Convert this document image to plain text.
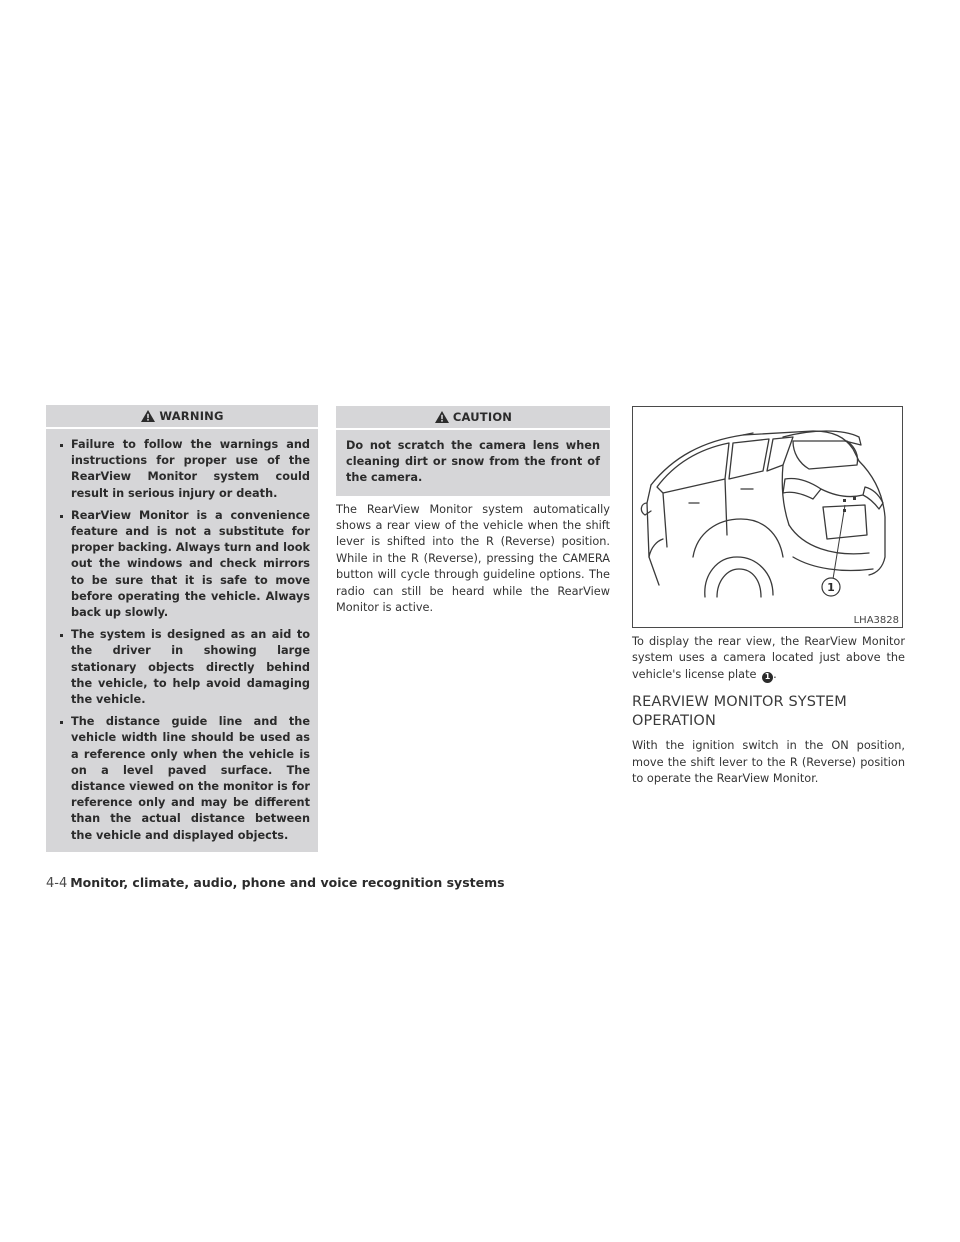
WARNING
Failure to follow the warnings and instructions for proper use of the RearView Monitor system could result in serious injury or death.
RearView Monitor is a convenience feature and is not a substitute for proper backing. Always turn and look out the windows and check mirrors to be sure that it is safe to move before operating the vehicle. Always back up slowly.
The system is designed as an aid to the driver in showing large stationary objects directly behind the vehicle, to help avoid damaging the vehicle.
The distance guide line and the vehicle width line should be used as a reference only when the vehicle is on a level paved surface. The distance viewed on the monitor is for reference only and may be different than the actual distance between the vehicle and displayed objects.
CAUTION
Do not scratch the camera lens when cleaning dirt or snow from the front of the camera.

The RearView Monitor system automatically shows a rear view of the vehicle when the shift lever is shifted into the R (Reverse) position. While in the R (Reverse), pressing the CAMERA button will cycle through guideline options. The radio can still be heard while the RearView Monitor is active.

1
LHA3828

To display the rear view, the RearView Monitor system uses a camera located just above the vehicle's license plate 1 .

REARVIEW MONITOR SYSTEM OPERATION

With the ignition switch in the ON position, move the shift lever to the R (Reverse) position to operate the RearView Monitor.

4-4 Monitor, climate, audio, phone and voice recognition systems
